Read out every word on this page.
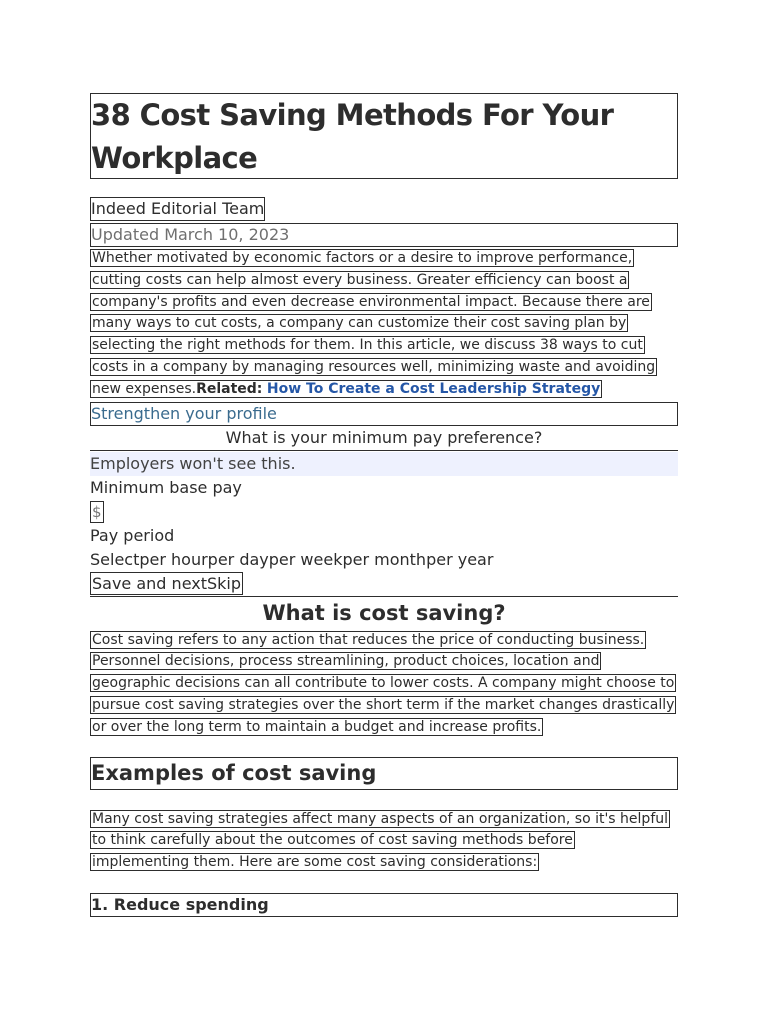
38 Cost Saving Methods For Your Workplace
Indeed Editorial Team
Updated March 10, 2023

Whether motivated by economic factors or a desire to improve performance,
cutting costs can help almost every business. Greater efficiency can boost a
company's profits and even decrease environmental impact. Because there are
many ways to cut costs, a company can customize their cost saving plan by
selecting the right methods for them. In this article, we discuss 38 ways to cut
costs in a company by managing resources well, minimizing waste and avoiding
new expenses.Related: How To Create a Cost Leadership Strategy

Strengthen your profile
What is your minimum pay preference?
Employers won't see this.
Minimum base pay
$
Pay period
Selectper hourper dayper weekper monthper year
Save and nextSkip
What is cost saving?

Cost saving refers to any action that reduces the price of conducting business.
Personnel decisions, process streamlining, product choices, location and
geographic decisions can all contribute to lower costs. A company might choose to
pursue cost saving strategies over the short term if the market changes drastically
or over the long term to maintain a budget and increase profits.

Examples of cost saving

Many cost saving strategies affect many aspects of an organization, so it's helpful
to think carefully about the outcomes of cost saving methods before
implementing them. Here are some cost saving considerations:

1. Reduce spending
